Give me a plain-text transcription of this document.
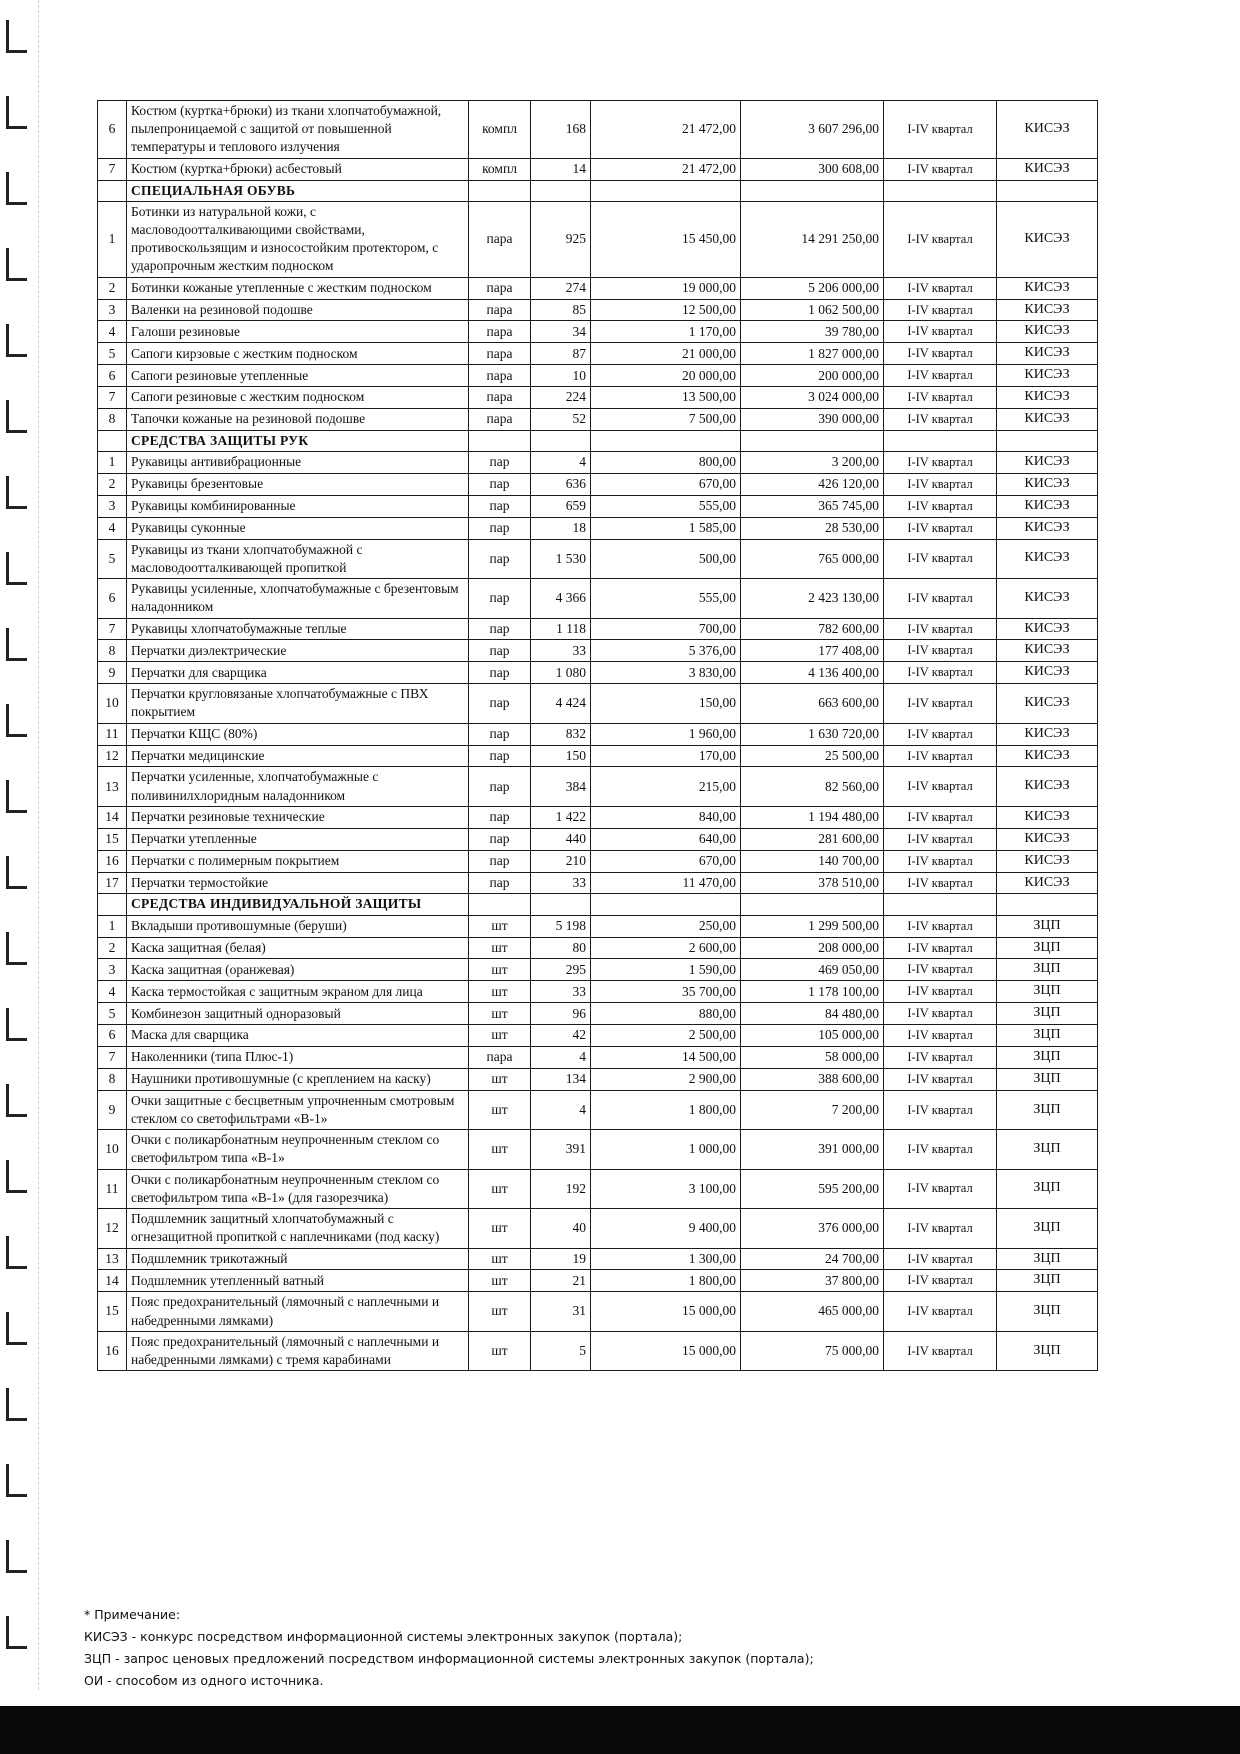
6	Костюм (куртка+брюки) из ткани хлопчатобумажной, пылепроницаемой с защитой от повышенной температуры и теплового излучения	компл	168	21 472,00	3 607 296,00	I-IV квартал	КИСЭЗ
7	Костюм (куртка+брюки) асбестовый	компл	14	21 472,00	300 608,00	I-IV квартал	КИСЭЗ
	СПЕЦИАЛЬНАЯ ОБУВЬ						
1	Ботинки из натуральной кожи, с масловодоотталкивающими свойствами, противоскользящим и износостойким протектором, с ударопрочным жестким подноском	пара	925	15 450,00	14 291 250,00	I-IV квартал	КИСЭЗ
2	Ботинки кожаные утепленные с жестким подноском	пара	274	19 000,00	5 206 000,00	I-IV квартал	КИСЭЗ
3	Валенки на резиновой подошве	пара	85	12 500,00	1 062 500,00	I-IV квартал	КИСЭЗ
4	Галоши резиновые	пара	34	1 170,00	39 780,00	I-IV квартал	КИСЭЗ
5	Сапоги кирзовые с жестким подноском	пара	87	21 000,00	1 827 000,00	I-IV квартал	КИСЭЗ
6	Сапоги резиновые утепленные	пара	10	20 000,00	200 000,00	I-IV квартал	КИСЭЗ
7	Сапоги резиновые с жестким подноском	пара	224	13 500,00	3 024 000,00	I-IV квартал	КИСЭЗ
8	Тапочки кожаные на резиновой подошве	пара	52	7 500,00	390 000,00	I-IV квартал	КИСЭЗ
	СРЕДСТВА ЗАЩИТЫ РУК						
1	Рукавицы антивибрационные	пар	4	800,00	3 200,00	I-IV квартал	КИСЭЗ
2	Рукавицы брезентовые	пар	636	670,00	426 120,00	I-IV квартал	КИСЭЗ
3	Рукавицы комбинированные	пар	659	555,00	365 745,00	I-IV квартал	КИСЭЗ
4	Рукавицы суконные	пар	18	1 585,00	28 530,00	I-IV квартал	КИСЭЗ
5	Рукавицы из ткани хлопчатобумажной с масловодоотталкивающей пропиткой	пар	1 530	500,00	765 000,00	I-IV квартал	КИСЭЗ
6	Рукавицы усиленные, хлопчатобумажные с брезентовым наладонником	пар	4 366	555,00	2 423 130,00	I-IV квартал	КИСЭЗ
7	Рукавицы хлопчатобумажные теплые	пар	1 118	700,00	782 600,00	I-IV квартал	КИСЭЗ
8	Перчатки диэлектрические	пар	33	5 376,00	177 408,00	I-IV квартал	КИСЭЗ
9	Перчатки для сварщика	пар	1 080	3 830,00	4 136 400,00	I-IV квартал	КИСЭЗ
10	Перчатки кругловязаные хлопчатобумажные с ПВХ покрытием	пар	4 424	150,00	663 600,00	I-IV квартал	КИСЭЗ
11	Перчатки КЩС (80%)	пар	832	1 960,00	1 630 720,00	I-IV квартал	КИСЭЗ
12	Перчатки медицинские	пар	150	170,00	25 500,00	I-IV квартал	КИСЭЗ
13	Перчатки усиленные, хлопчатобумажные с поливинилхлоридным наладонником	пар	384	215,00	82 560,00	I-IV квартал	КИСЭЗ
14	Перчатки резиновые технические	пар	1 422	840,00	1 194 480,00	I-IV квартал	КИСЭЗ
15	Перчатки утепленные	пар	440	640,00	281 600,00	I-IV квартал	КИСЭЗ
16	Перчатки с полимерным покрытием	пар	210	670,00	140 700,00	I-IV квартал	КИСЭЗ
17	Перчатки термостойкие	пар	33	11 470,00	378 510,00	I-IV квартал	КИСЭЗ
	СРЕДСТВА ИНДИВИДУАЛЬНОЙ ЗАЩИТЫ						
1	Вкладыши противошумные (беруши)	шт	5 198	250,00	1 299 500,00	I-IV квартал	ЗЦП
2	Каска защитная (белая)	шт	80	2 600,00	208 000,00	I-IV квартал	ЗЦП
3	Каска защитная (оранжевая)	шт	295	1 590,00	469 050,00	I-IV квартал	ЗЦП
4	Каска термостойкая с защитным экраном для лица	шт	33	35 700,00	1 178 100,00	I-IV квартал	ЗЦП
5	Комбинезон защитный одноразовый	шт	96	880,00	84 480,00	I-IV квартал	ЗЦП
6	Маска для сварщика	шт	42	2 500,00	105 000,00	I-IV квартал	ЗЦП
7	Наколенники (типа Плюс-1)	пара	4	14 500,00	58 000,00	I-IV квартал	ЗЦП
8	Наушники противошумные (с креплением на каску)	шт	134	2 900,00	388 600,00	I-IV квартал	ЗЦП
9	Очки защитные с бесцветным упрочненным смотровым стеклом со светофильтрами «В-1»	шт	4	1 800,00	7 200,00	I-IV квартал	ЗЦП
10	Очки с поликарбонатным неупрочненным стеклом со светофильтром типа «В-1»	шт	391	1 000,00	391 000,00	I-IV квартал	ЗЦП
11	Очки с поликарбонатным неупрочненным стеклом со светофильтром типа «В-1» (для газорезчика)	шт	192	3 100,00	595 200,00	I-IV квартал	ЗЦП
12	Подшлемник защитный хлопчатобумажный с огнезащитной пропиткой с наплечниками (под каску)	шт	40	9 400,00	376 000,00	I-IV квартал	ЗЦП
13	Подшлемник трикотажный	шт	19	1 300,00	24 700,00	I-IV квартал	ЗЦП
14	Подшлемник утепленный ватный	шт	21	1 800,00	37 800,00	I-IV квартал	ЗЦП
15	Пояс предохранительный (лямочный с наплечными и набедренными лямками)	шт	31	15 000,00	465 000,00	I-IV квартал	ЗЦП
16	Пояс предохранительный (лямочный с наплечными и набедренными лямками) с тремя карабинами	шт	5	15 000,00	75 000,00	I-IV квартал	ЗЦП
* Примечание:
КИСЭЗ - конкурс посредством информационной системы электронных закупок (портала);
ЗЦП - запрос ценовых предложений посредством информационной системы электронных закупок (портала);
ОИ - способом из одного источника.
